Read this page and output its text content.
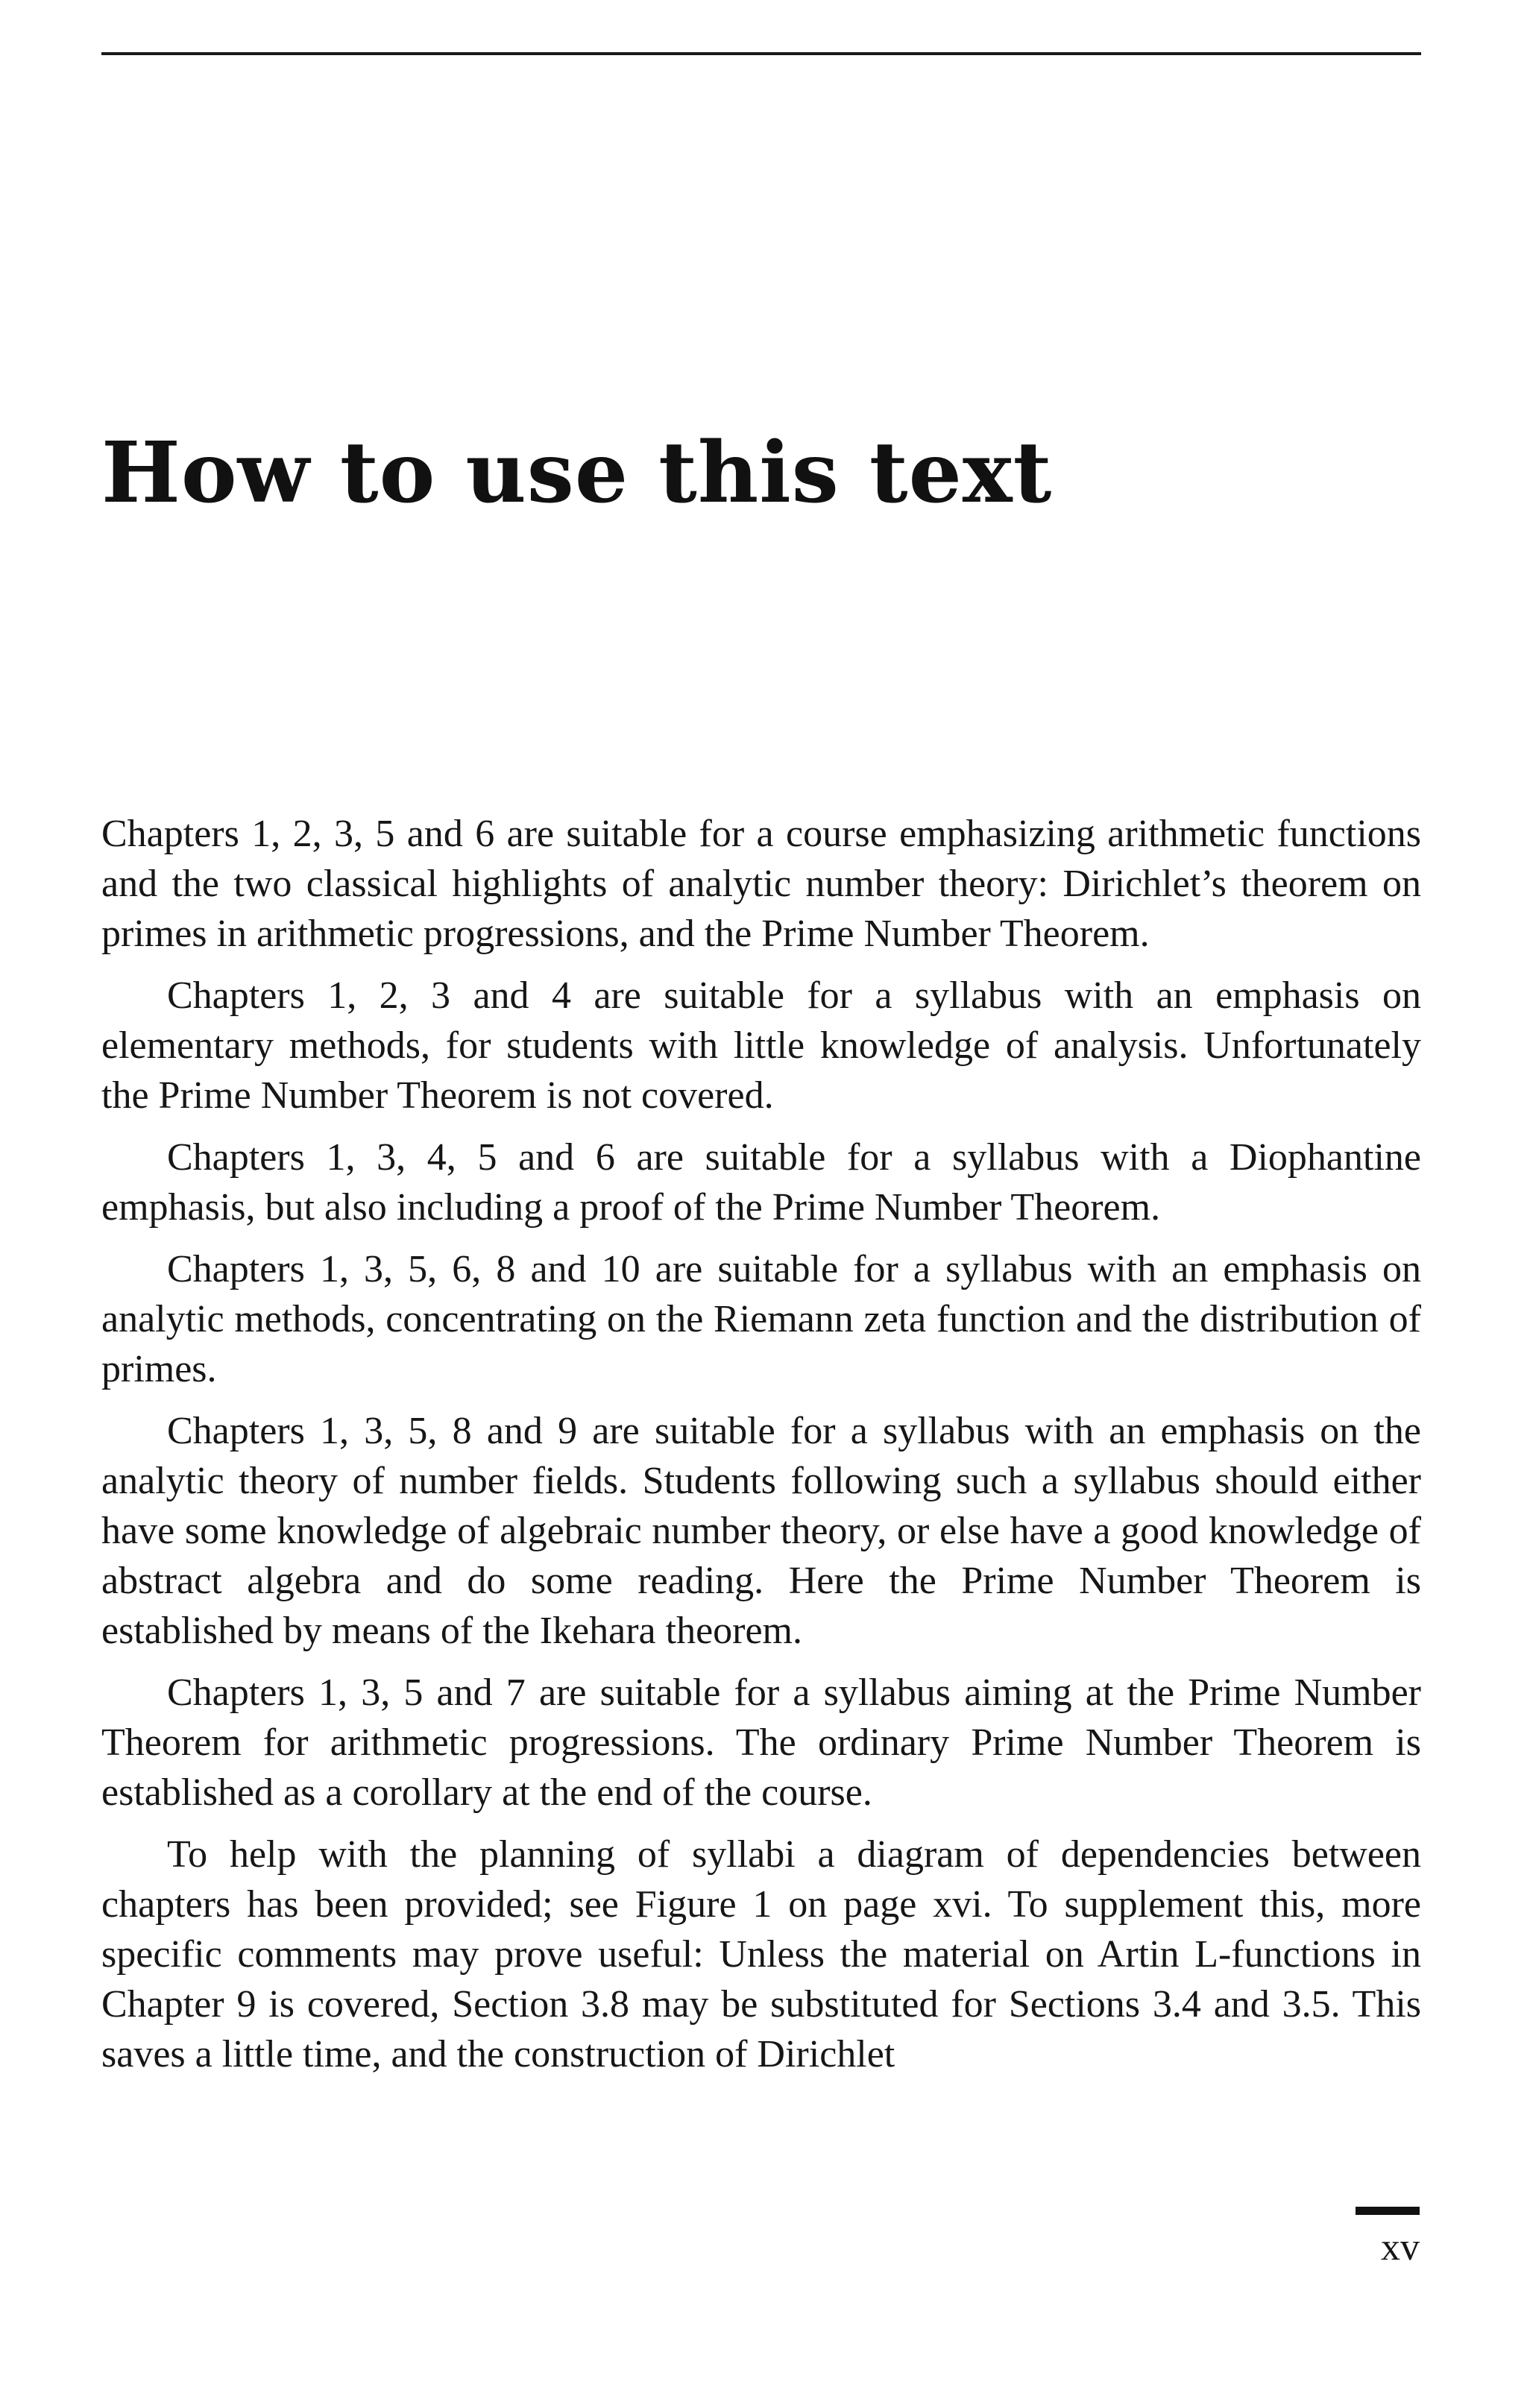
How to use this text

Chapters 1, 2, 3, 5 and 6 are suitable for a course emphasizing arithmetic functions and the two classical highlights of analytic number theory: Dirichlet’s theorem on primes in arithmetic progressions, and the Prime Number Theorem.

Chapters 1, 2, 3 and 4 are suitable for a syllabus with an emphasis on elementary methods, for students with little knowledge of analysis. Unfortunately the Prime Number Theorem is not covered.

Chapters 1, 3, 4, 5 and 6 are suitable for a syllabus with a Diophantine emphasis, but also including a proof of the Prime Number Theorem.

Chapters 1, 3, 5, 6, 8 and 10 are suitable for a syllabus with an emphasis on analytic methods, concentrating on the Riemann zeta function and the distribution of primes.

Chapters 1, 3, 5, 8 and 9 are suitable for a syllabus with an emphasis on the analytic theory of number fields. Students following such a syllabus should either have some knowledge of algebraic number theory, or else have a good knowledge of abstract algebra and do some reading. Here the Prime Number Theorem is established by means of the Ikehara theorem.

Chapters 1, 3, 5 and 7 are suitable for a syllabus aiming at the Prime Number Theorem for arithmetic progressions. The ordinary Prime Number Theorem is established as a corollary at the end of the course.

To help with the planning of syllabi a diagram of dependencies between chapters has been provided; see Figure 1 on page xvi. To supplement this, more specific comments may prove useful: Unless the material on Artin L-functions in Chapter 9 is covered, Section 3.8 may be substituted for Sections 3.4 and 3.5. This saves a little time, and the construction of Dirichlet

xv
